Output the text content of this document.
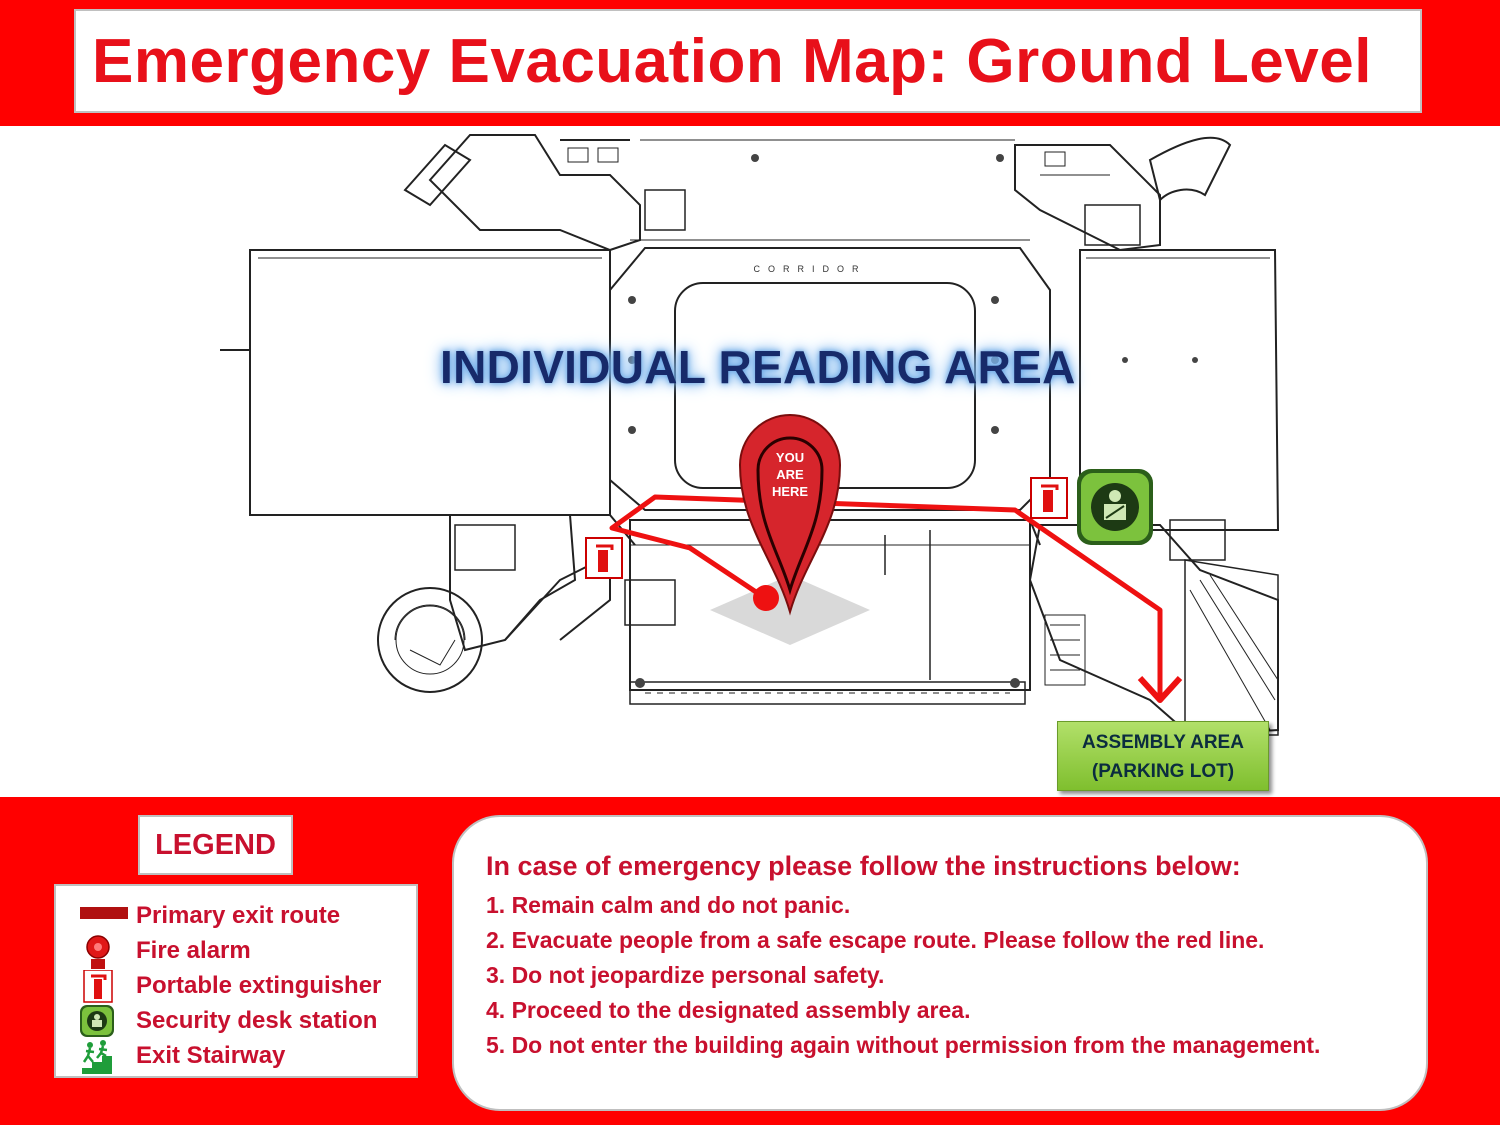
Emergency Evacuation Map: Ground Level
CORRIDOR
YOU
ARE
HERE
INDIVIDUAL READING AREA
ASSEMBLY AREA
(PARKING LOT)
LEGEND
Primary exit route
Fire alarm
Portable extinguisher
Security desk station
Exit Stairway
In case of emergency please follow the instructions below:
1. Remain calm and do not panic.
2. Evacuate people from a safe escape route. Please follow the red line.
3. Do not jeopardize personal safety.
4. Proceed to the designated assembly area.
5. Do not enter the building again without permission from the management.
